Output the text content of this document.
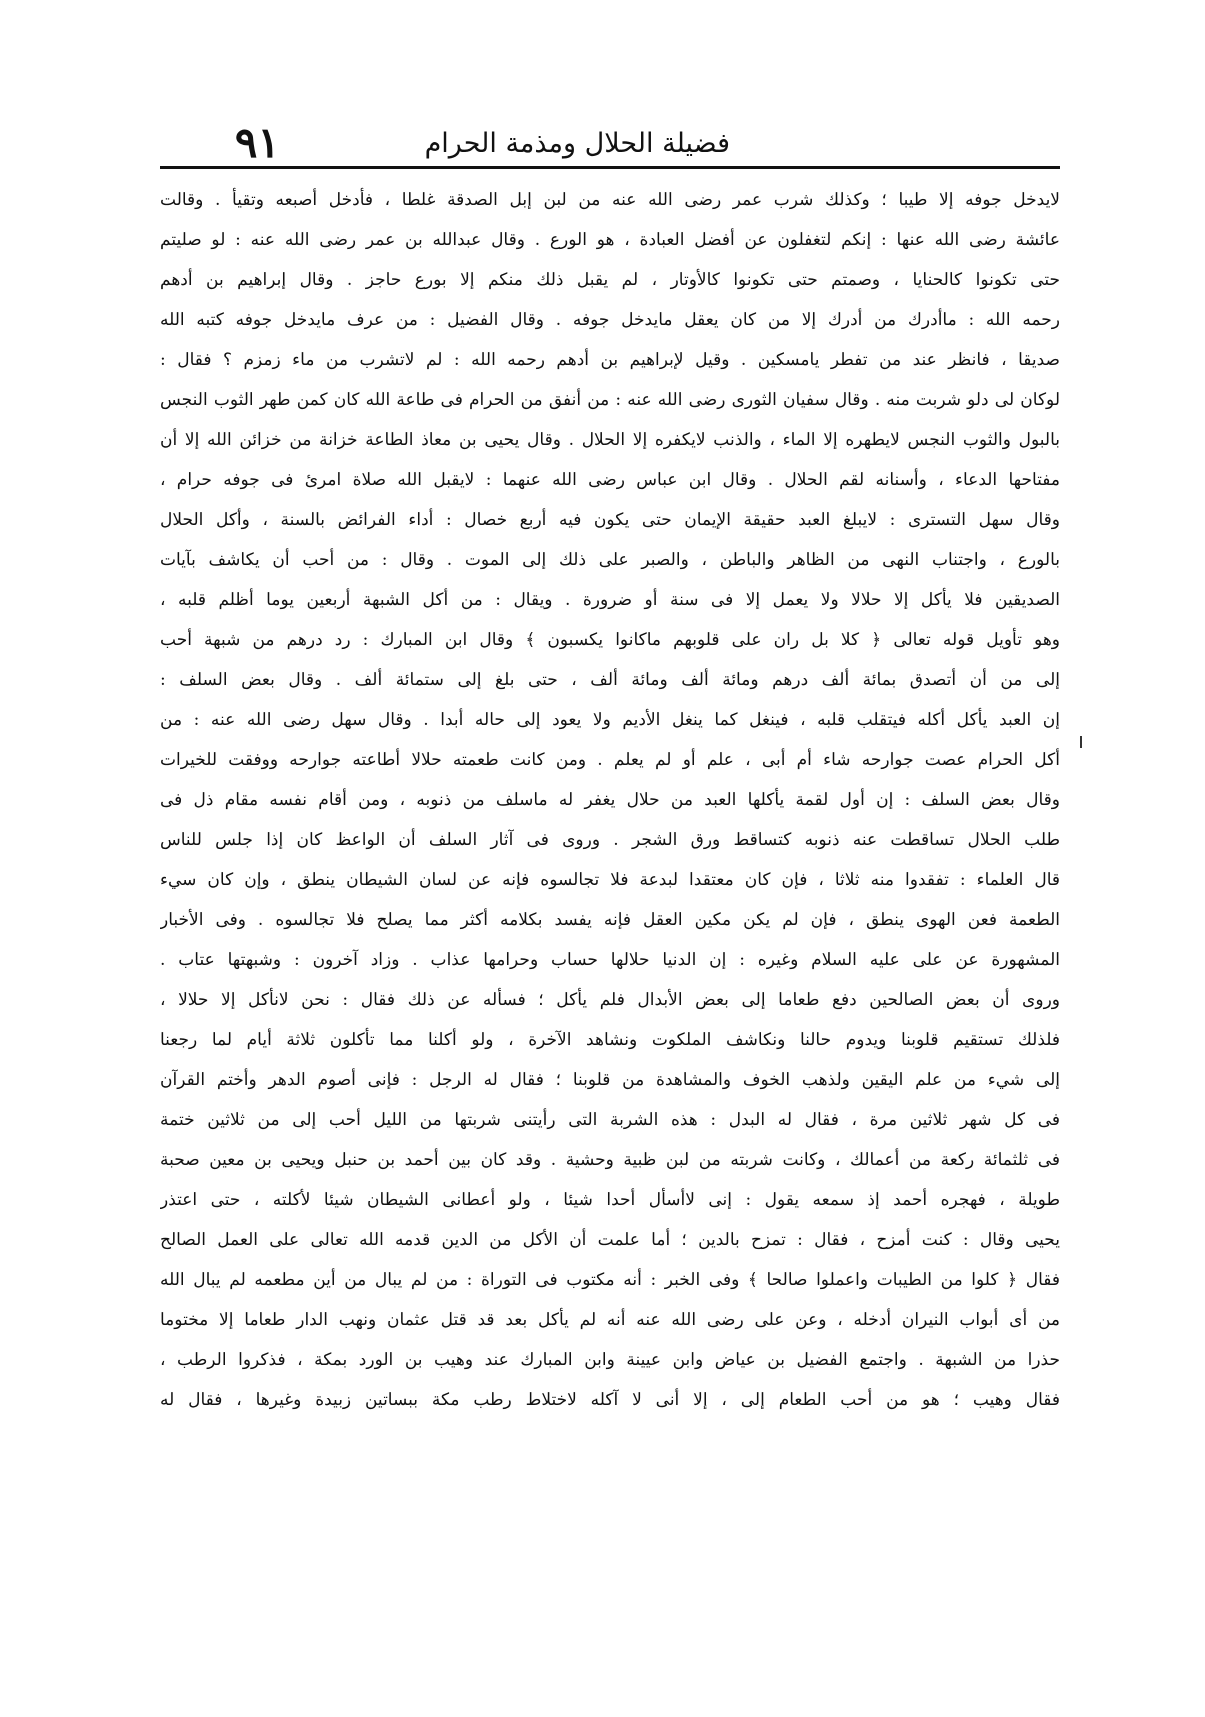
فضيلة الحلال ومذمة الحرام
٩١
لايدخل جوفه إلا طيبا ؛ وكذلك شرب عمر رضى الله عنه من لبن إبل الصدقة غلطا ، فأدخل أصبعه وتقيأ . وقالت
عائشة رضى الله عنها : إنكم لتغفلون عن أفضل العبادة ، هو الورع . وقال عبدالله بن عمر رضى الله عنه : لو صليتم
حتى تكونوا كالحنايا ، وصمتم حتى تكونوا كالأوتار ، لم يقبل ذلك منكم إلا بورع حاجز . وقال إبراهيم بن أدهم
رحمه الله : ماأدرك من أدرك إلا من كان يعقل مايدخل جوفه . وقال الفضيل : من عرف مايدخل جوفه كتبه الله
صديقا ، فانظر عند من تفطر يامسكين . وقيل لإبراهيم بن أدهم رحمه الله : لم لاتشرب من ماء زمزم ؟ فقال :
لوكان لى دلو شربت منه . وقال سفيان الثورى رضى الله عنه : من أنفق من الحرام فى طاعة الله كان كمن طهر الثوب النجس
بالبول والثوب النجس لايطهره إلا الماء ، والذنب لايكفره إلا الحلال . وقال يحيى بن معاذ الطاعة خزانة من خزائن الله إلا أن
مفتاحها الدعاء ، وأسنانه لقم الحلال . وقال ابن عباس رضى الله عنهما : لايقبل الله صلاة امرئ فى جوفه حرام ،
وقال سهل التسترى : لايبلغ العبد حقيقة الإيمان حتى يكون فيه أربع خصال : أداء الفرائض بالسنة ، وأكل الحلال
بالورع ، واجتناب النهى من الظاهر والباطن ، والصبر على ذلك إلى الموت . وقال : من أحب أن يكاشف بآيات
الصديقين فلا يأكل إلا حلالا ولا يعمل إلا فى سنة أو ضرورة . ويقال : من أكل الشبهة أربعين يوما أظلم قلبه ،
وهو تأويل قوله تعالى ﴿ كلا بل ران على قلوبهم ماكانوا يكسبون ﴾ وقال ابن المبارك : رد درهم من شبهة أحب
إلى من أن أتصدق بمائة ألف درهم ومائة ألف ومائة ألف ، حتى بلغ إلى ستمائة ألف . وقال بعض السلف :
إن العبد يأكل أكله فيتقلب قلبه ، فينغل كما ينغل الأديم ولا يعود إلى حاله أبدا . وقال سهل رضى الله عنه : من
أكل الحرام عصت جوارحه شاء أم أبى ، علم أو لم يعلم . ومن كانت طعمته حلالا أطاعته جوارحه ووفقت للخيرات
وقال بعض السلف : إن أول لقمة يأكلها العبد من حلال يغفر له ماسلف من ذنوبه ، ومن أقام نفسه مقام ذل فى
طلب الحلال تساقطت عنه ذنوبه كتساقط ورق الشجر . وروى فى آثار السلف أن الواعظ كان إذا جلس للناس
قال العلماء : تفقدوا منه ثلاثا ، فإن كان معتقدا لبدعة فلا تجالسوه فإنه عن لسان الشيطان ينطق ، وإن كان سيء
الطعمة فعن الهوى ينطق ، فإن لم يكن مكين العقل فإنه يفسد بكلامه أكثر مما يصلح فلا تجالسوه . وفى الأخبار
المشهورة عن على عليه السلام وغيره : إن الدنيا حلالها حساب وحرامها عذاب . وزاد آخرون : وشبهتها عتاب .
وروى أن بعض الصالحين دفع طعاما إلى بعض الأبدال فلم يأكل ؛ فسأله عن ذلك فقال : نحن لانأكل إلا حلالا ،
فلذلك تستقيم قلوبنا ويدوم حالنا ونكاشف الملكوت ونشاهد الآخرة ، ولو أكلنا مما تأكلون ثلاثة أيام لما رجعنا
إلى شيء من علم اليقين ولذهب الخوف والمشاهدة من قلوبنا ؛ فقال له الرجل : فإنى أصوم الدهر وأختم القرآن
فى كل شهر ثلاثين مرة ، فقال له البدل : هذه الشربة التى رأيتنى شربتها من الليل أحب إلى من ثلاثين ختمة
فى ثلثمائة ركعة من أعمالك ، وكانت شربته من لبن ظبية وحشية . وقد كان بين أحمد بن حنبل ويحيى بن معين صحبة
طويلة ، فهجره أحمد إذ سمعه يقول : إنى لاأسأل أحدا شيئا ، ولو أعطانى الشيطان شيئا لأكلته ، حتى اعتذر
يحيى وقال : كنت أمزح ، فقال : تمزح بالدين ؛ أما علمت أن الأكل من الدين قدمه الله تعالى على العمل الصالح
فقال ﴿ كلوا من الطيبات واعملوا صالحا ﴾ وفى الخبر : أنه مكتوب فى التوراة : من لم يبال من أين مطعمه لم يبال الله
من أى أبواب النيران أدخله ، وعن على رضى الله عنه أنه لم يأكل بعد قد قتل عثمان ونهب الدار طعاما إلا مختوما
حذرا من الشبهة . واجتمع الفضيل بن عياض وابن عيينة وابن المبارك عند وهيب بن الورد بمكة ، فذكروا الرطب ،
فقال وهيب ؛ هو من أحب الطعام إلى ، إلا أنى لا آكله لاختلاط رطب مكة ببساتين زبيدة وغيرها ، فقال له
